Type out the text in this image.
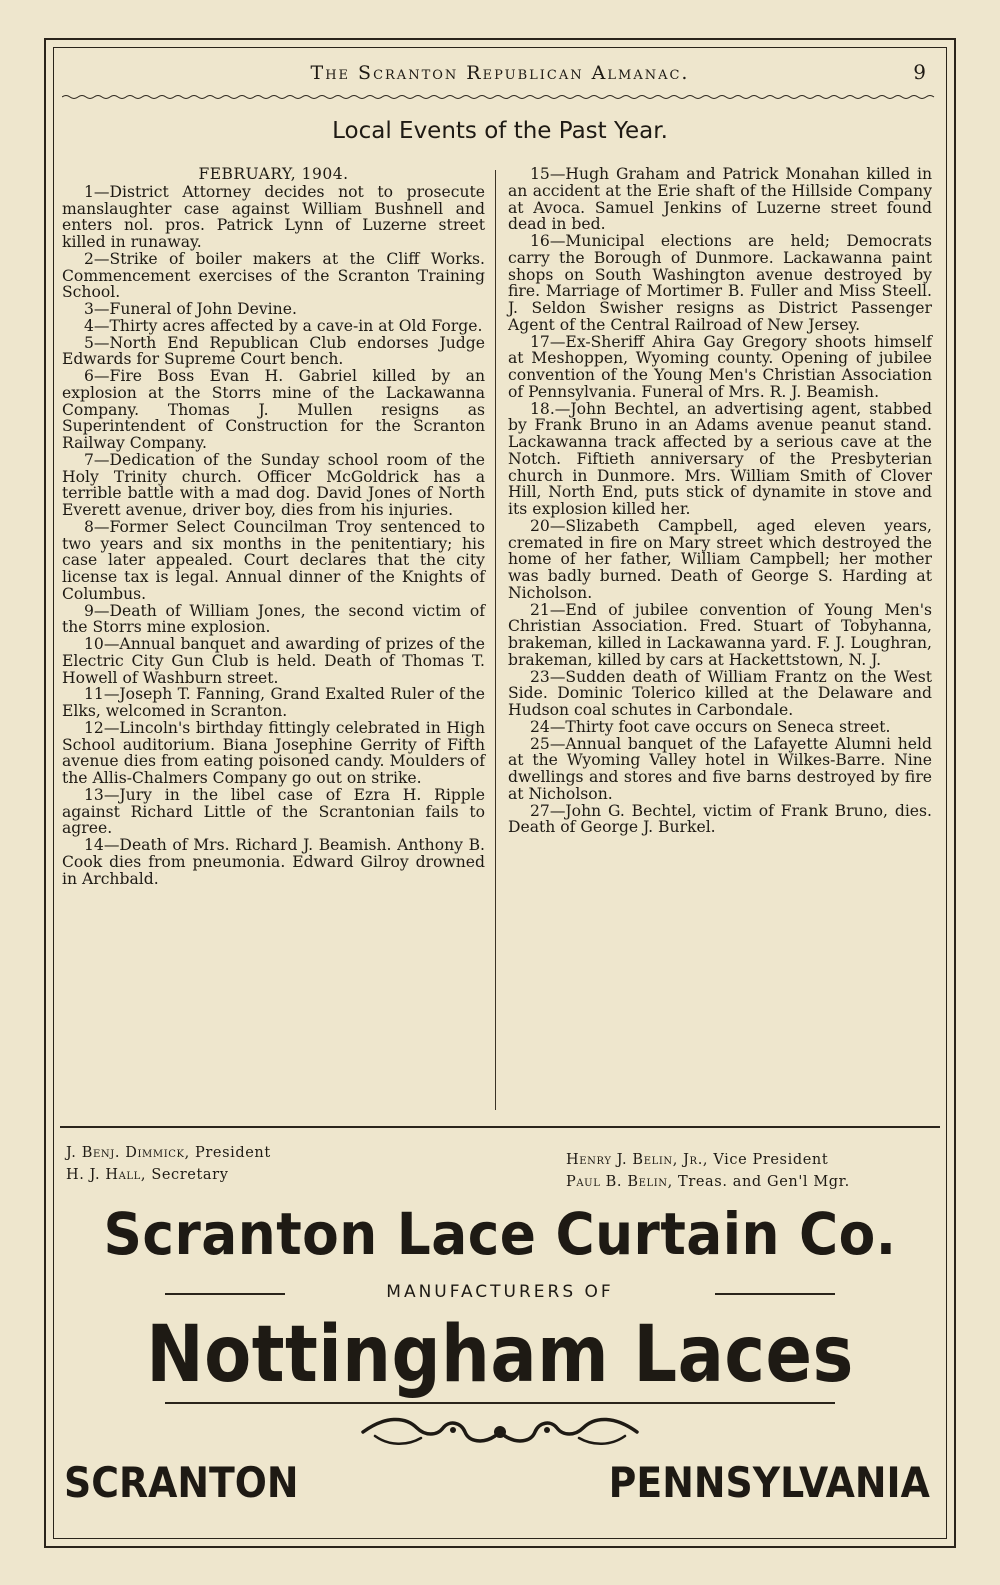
The Scranton Republican Almanac.	9
Local Events of the Past Year.

FEBRUARY, 1904.

1—District Attorney decides not to prosecute manslaughter case against William Bushnell and enters nol. pros. Patrick Lynn of Luzerne street killed in runaway.

2—Strike of boiler makers at the Cliff Works. Commencement exercises of the Scranton Training School.

3—Funeral of John Devine.

4—Thirty acres affected by a cave-in at Old Forge.

5—North End Republican Club endorses Judge Edwards for Supreme Court bench.

6—Fire Boss Evan H. Gabriel killed by an explosion at the Storrs mine of the Lackawanna Company. Thomas J. Mullen resigns as Superintendent of Construction for the Scranton Railway Company.

7—Dedication of the Sunday school room of the Holy Trinity church. Officer McGoldrick has a terrible battle with a mad dog. David Jones of North Everett avenue, driver boy, dies from his injuries.

8—Former Select Councilman Troy sentenced to two years and six months in the penitentiary; his case later appealed. Court declares that the city license tax is legal. Annual dinner of the Knights of Columbus.

9—Death of William Jones, the second victim of the Storrs mine explosion.

10—Annual banquet and awarding of prizes of the Electric City Gun Club is held. Death of Thomas T. Howell of Washburn street.

11—Joseph T. Fanning, Grand Exalted Ruler of the Elks, welcomed in Scranton.

12—Lincoln's birthday fittingly celebrated in High School auditorium. Biana Josephine Gerrity of Fifth avenue dies from eating poisoned candy. Moulders of the Allis-Chalmers Company go out on strike.

13—Jury in the libel case of Ezra H. Ripple against Richard Little of the Scrantonian fails to agree.

14—Death of Mrs. Richard J. Beamish. Anthony B. Cook dies from pneumonia. Edward Gilroy drowned in Archbald.

15—Hugh Graham and Patrick Monahan killed in an accident at the Erie shaft of the Hillside Company at Avoca. Samuel Jenkins of Luzerne street found dead in bed.

16—Municipal elections are held; Democrats carry the Borough of Dunmore. Lackawanna paint shops on South Washington avenue destroyed by fire. Marriage of Mortimer B. Fuller and Miss Steell. J. Seldon Swisher resigns as District Passenger Agent of the Central Railroad of New Jersey.

17—Ex-Sheriff Ahira Gay Gregory shoots himself at Meshoppen, Wyoming county. Opening of jubilee convention of the Young Men's Christian Association of Pennsylvania. Funeral of Mrs. R. J. Beamish.

18.—John Bechtel, an advertising agent, stabbed by Frank Bruno in an Adams avenue peanut stand. Lackawanna track affected by a serious cave at the Notch. Fiftieth anniversary of the Presbyterian church in Dunmore. Mrs. William Smith of Clover Hill, North End, puts stick of dynamite in stove and its explosion killed her.

20—Slizabeth Campbell, aged eleven years, cremated in fire on Mary street which destroyed the home of her father, William Campbell; her mother was badly burned. Death of George S. Harding at Nicholson.

21—End of jubilee convention of Young Men's Christian Association. Fred. Stuart of Tobyhanna, brakeman, killed in Lackawanna yard. F. J. Loughran, brakeman, killed by cars at Hackettstown, N. J.

23—Sudden death of William Frantz on the West Side. Dominic Tolerico killed at the Delaware and Hudson coal schutes in Carbondale.

24—Thirty foot cave occurs on Seneca street.

25—Annual banquet of the Lafayette Alumni held at the Wyoming Valley hotel in Wilkes-Barre. Nine dwellings and stores and five barns destroyed by fire at Nicholson.

27—John G. Bechtel, victim of Frank Bruno, dies. Death of George J. Burkel.

J. Benj. Dimmick, President
H. J. Hall, Secretary
Henry J. Belin, Jr., Vice President
Paul B. Belin, Treas. and Gen'l Mgr.
Scranton Lace Curtain Co.
MANUFACTURERS OF
Nottingham Laces
SCRANTON	PENNSYLVANIA
